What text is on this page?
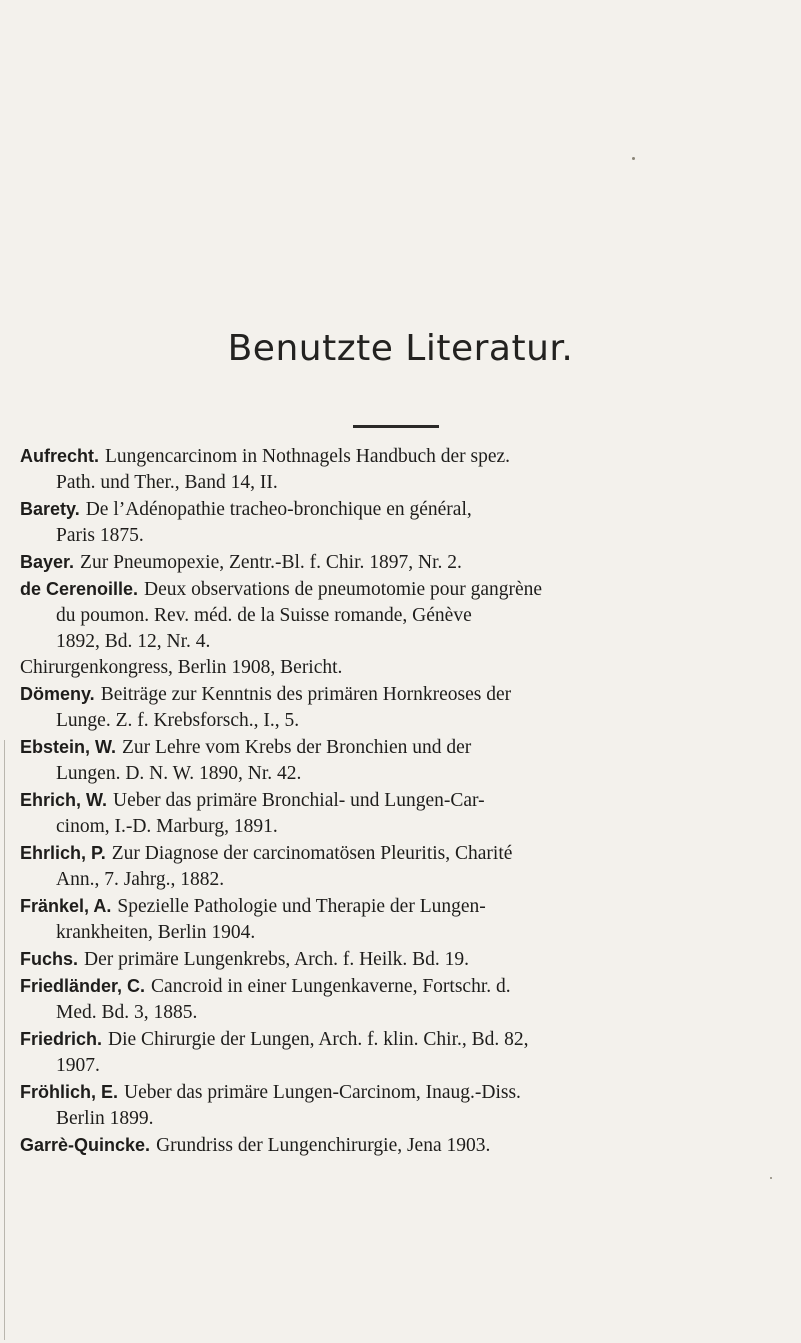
Benutzte Literatur.
Aufrecht. Lungencarcinom in Nothnagels Handbuch der spez.
Path. und Ther., Band 14, II.
Barety. De l’Adénopathie tracheo-bronchique en général,
Paris 1875.
Bayer. Zur Pneumopexie, Zentr.-Bl. f. Chir. 1897, Nr. 2.
de Cerenoille. Deux observations de pneumotomie pour gangrène
du poumon. Rev. méd. de la Suisse romande, Génève
1892, Bd. 12, Nr. 4.
Chirurgenkongress, Berlin 1908, Bericht.
Dömeny. Beiträge zur Kenntnis des primären Hornkreoses der
Lunge. Z. f. Krebsforsch., I., 5.
Ebstein, W. Zur Lehre vom Krebs der Bronchien und der
Lungen. D. N. W. 1890, Nr. 42.
Ehrich, W. Ueber das primäre Bronchial- und Lungen-Car-
cinom, I.-D. Marburg, 1891.
Ehrlich, P. Zur Diagnose der carcinomatösen Pleuritis, Charité
Ann., 7. Jahrg., 1882.
Fränkel, A. Spezielle Pathologie und Therapie der Lungen-
krankheiten, Berlin 1904.
Fuchs. Der primäre Lungenkrebs, Arch. f. Heilk. Bd. 19.
Friedländer, C. Cancroid in einer Lungenkaverne, Fortschr. d.
Med. Bd. 3, 1885.
Friedrich. Die Chirurgie der Lungen, Arch. f. klin. Chir., Bd. 82,
1907.
Fröhlich, E. Ueber das primäre Lungen-Carcinom, Inaug.-Diss.
Berlin 1899.
Garrè-Quincke. Grundriss der Lungenchirurgie, Jena 1903.
